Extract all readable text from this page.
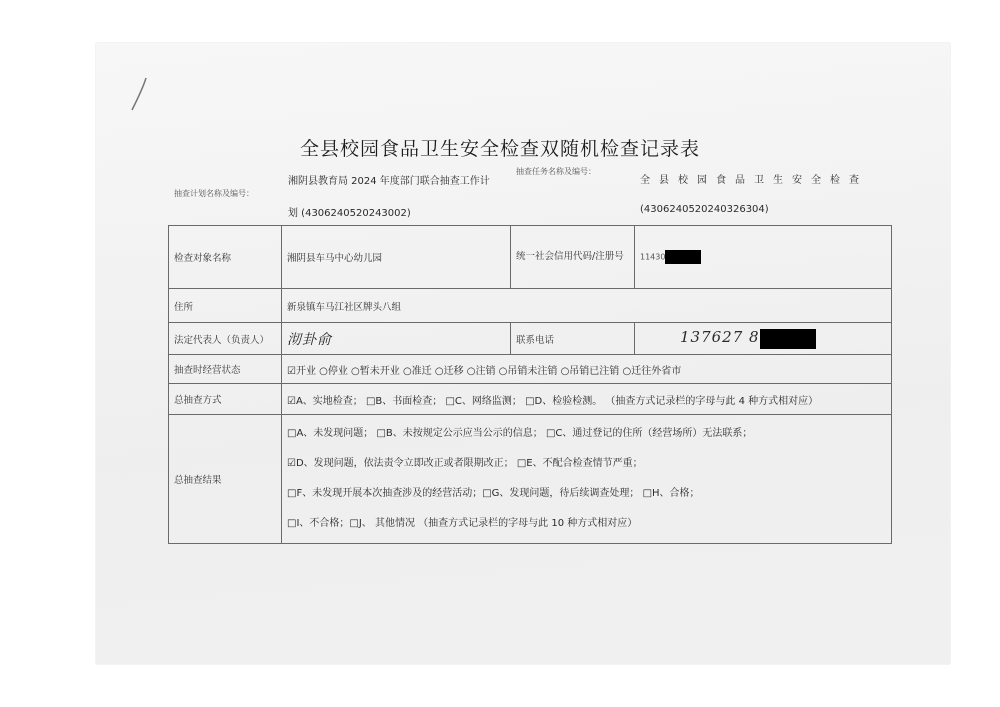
全县校园食品卫生安全检查双随机检查记录表
抽查计划名称及编号：
湘阴县教育局 2024 年度部门联合抽查工作计
划 (4306240520243002)
抽查任务名称及编号：
全县校园食品卫生安全检查
(4306240520240326304)
检查对象名称	湘阴县车马中心幼儿园	统一社会信用代码/注册号	11430
住所	新泉镇车马江社区牌头八组		
法定代表人（负责人）	沏卦俞	联系电话	137627 8
抽查时经营状态	☑开业 ○停业 ○暂未开业 ○准迁 ○迁移 ○注销 ○吊销未注销 ○吊销已注销 ○迁往外省市		
总抽查方式	☑A、实地检查； □B、书面检查； □C、网络监测； □D、检验检测。 （抽查方式记录栏的字母与此 4 种方式相对应）		
总抽查结果	□A、未发现问题； □B、未按规定公示应当公示的信息； □C、通过登记的住所（经营场所）无法联系；
☑D、发现问题，依法责令立即改正或者限期改正； □E、不配合检查情节严重；
□F、未发现开展本次抽查涉及的经营活动；□G、发现问题，待后续调查处理； □H、合格；
□I、不合格；□J、 其他情况 （抽查方式记录栏的字母与此 10 种方式相对应）		
